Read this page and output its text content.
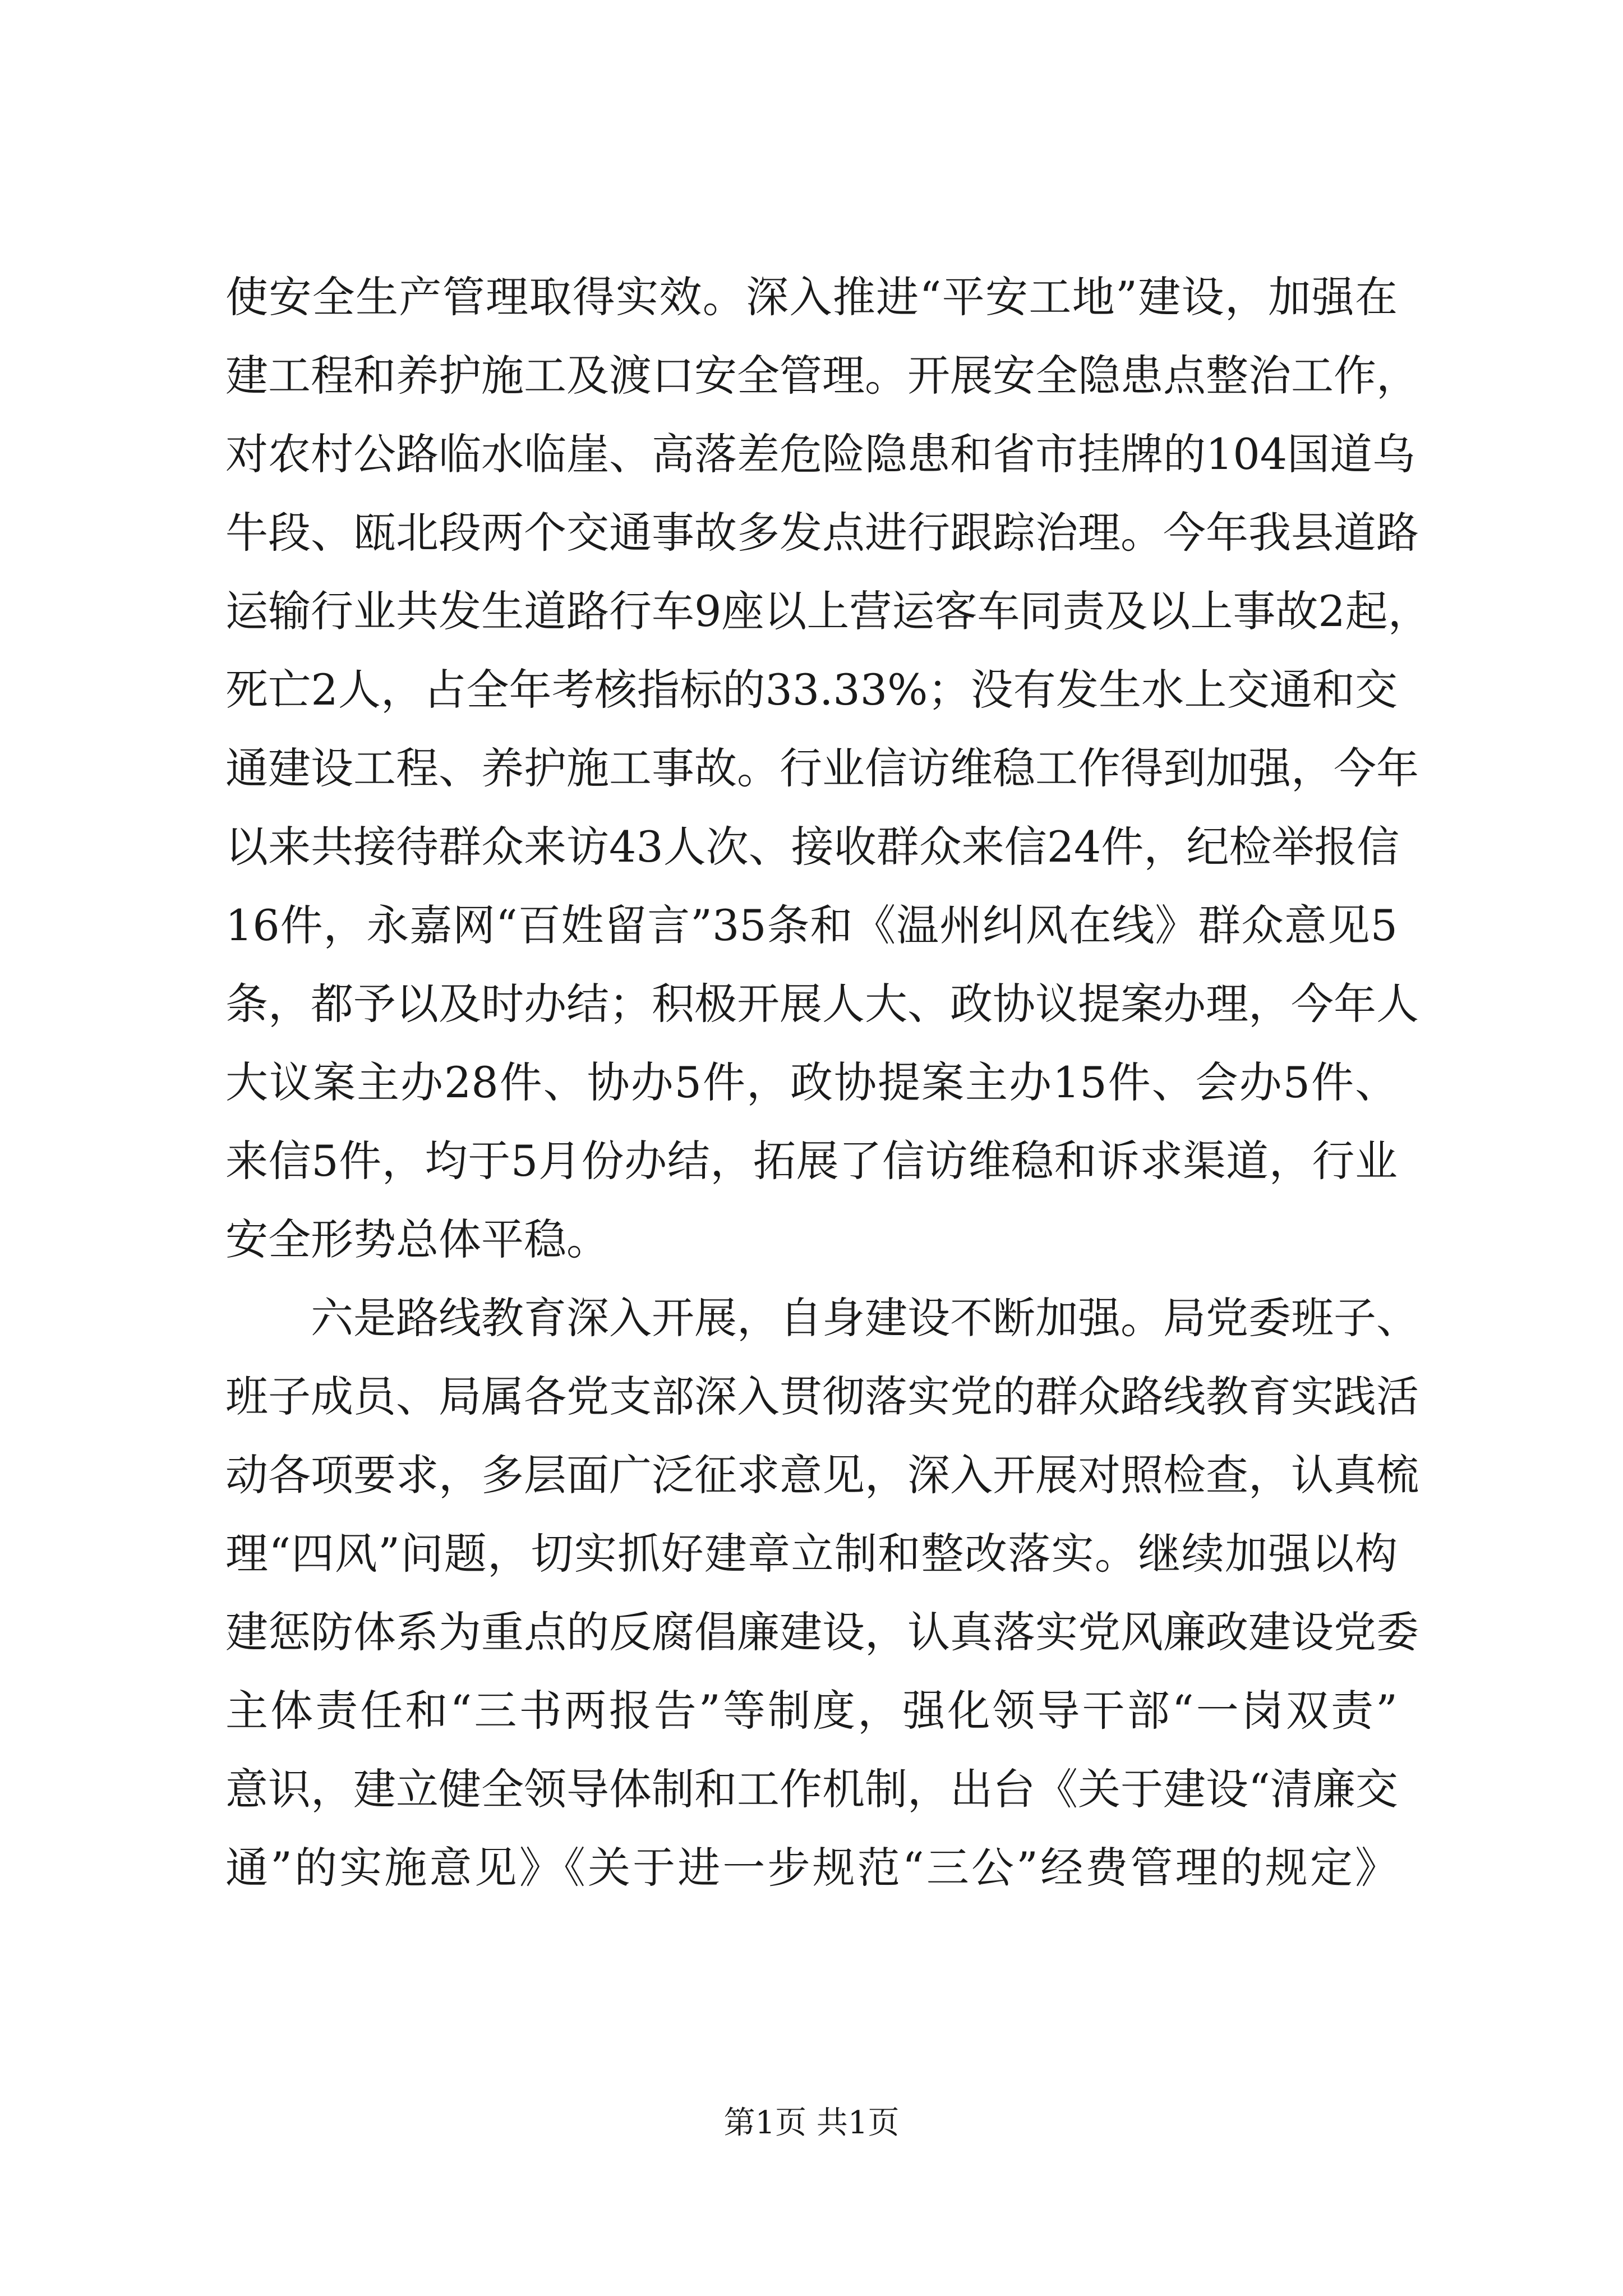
使安全生产管理取得实效。深入推进“平安工地”建设，加强在
建工程和养护施工及渡口安全管理。开展安全隐患点整治工作，
对农村公路临水临崖、高落差危险隐患和省市挂牌的104国道乌
牛段、瓯北段两个交通事故多发点进行跟踪治理。今年我县道路
运输行业共发生道路行车9座以上营运客车同责及以上事故2起，
死亡2人，占全年考核指标的33.33%；没有发生水上交通和交
通建设工程、养护施工事故。行业信访维稳工作得到加强，今年
以来共接待群众来访43人次、接收群众来信24件，纪检举报信
16件，永嘉网“百姓留言”35条和《温州纠风在线》群众意见5
条，都予以及时办结；积极开展人大、政协议提案办理，今年人
大议案主办28件、协办5件，政协提案主办15件、会办5件、
来信5件，均于5月份办结，拓展了信访维稳和诉求渠道，行业
安全形势总体平稳。
六是路线教育深入开展，自身建设不断加强。局党委班子、
班子成员、局属各党支部深入贯彻落实党的群众路线教育实践活
动各项要求，多层面广泛征求意见，深入开展对照检查，认真梳
理“四风”问题，切实抓好建章立制和整改落实。继续加强以构
建惩防体系为重点的反腐倡廉建设，认真落实党风廉政建设党委
主体责任和“三书两报告”等制度，强化领导干部“一岗双责”
意识，建立健全领导体制和工作机制，出台《关于建设“清廉交
通”的实施意见》《关于进一步规范“三公”经费管理的规定》
第1页 共1页
